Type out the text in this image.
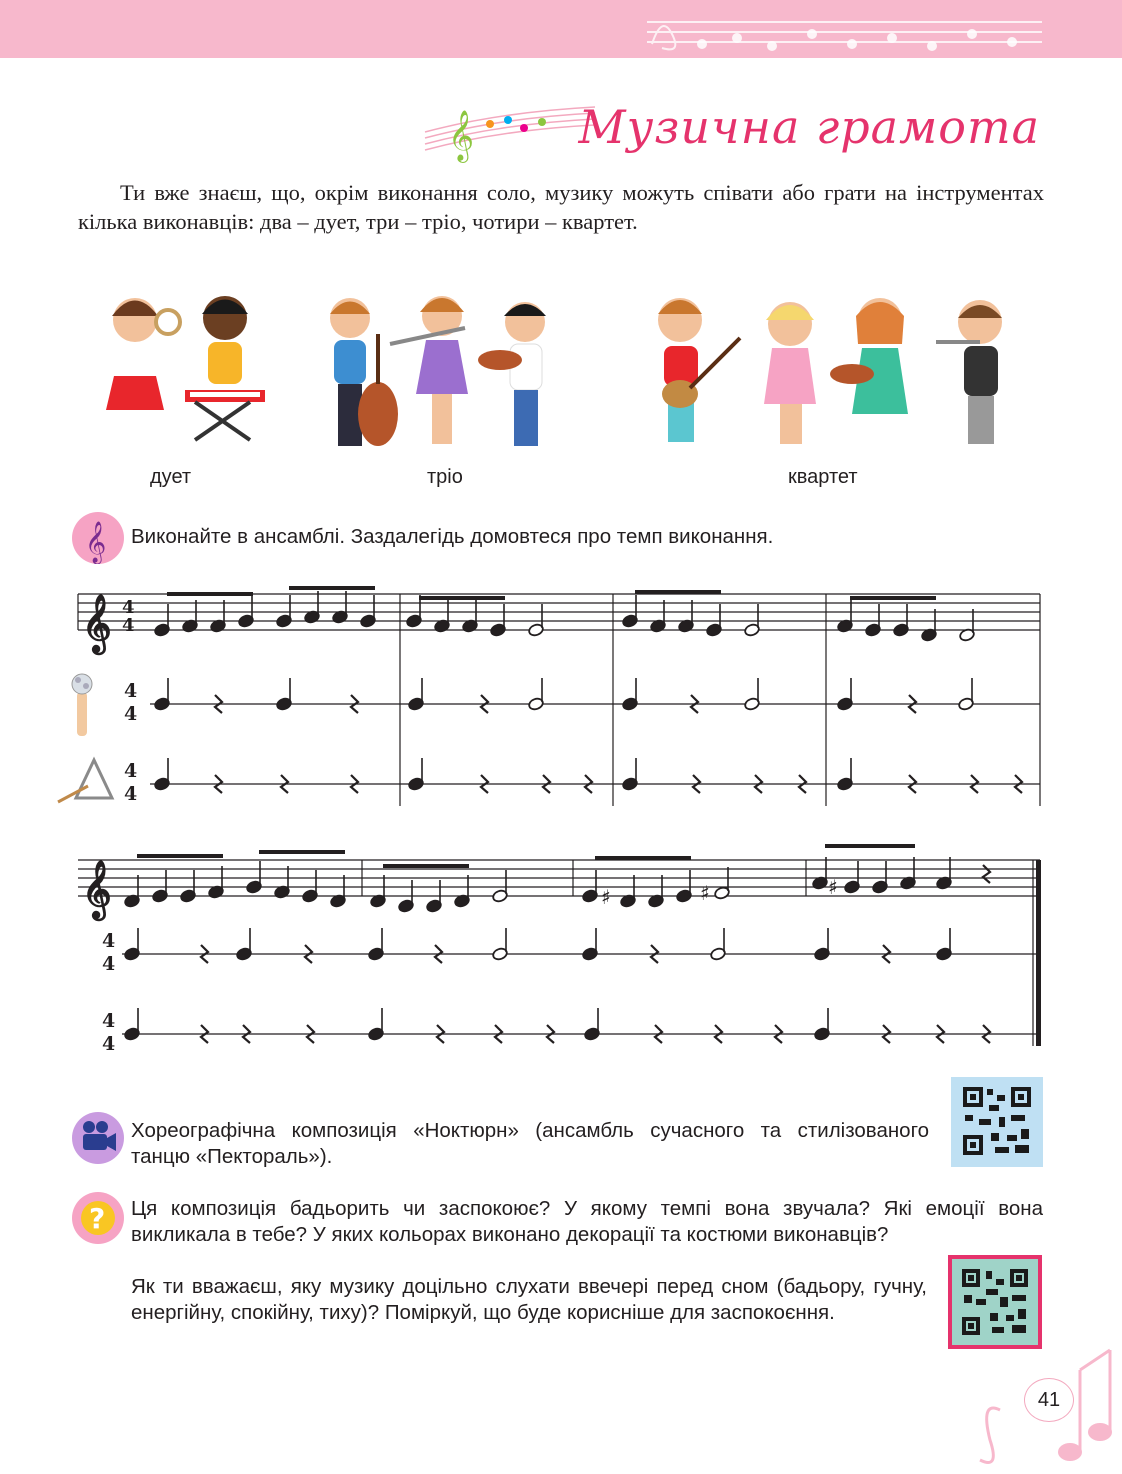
𝄞 Музична грамота

Ти вже знаєш, що, окрім виконання соло, музику можуть співати або грати на інструментах кілька виконавців: два – дует, три – тріо, чотири – квартет.

дует	тріо	квартет
𝄞 Виконайте в ансамблі. Заздалегідь домовтеся про темп виконання.
𝄞 4
4
4
4
4
4
𝄞
4
4
4
4
♯	♯	♯
Хореографічна композиція «Ноктюрн» (ансамбль сучасного та стилізованого танцю «Пектораль»).
? Ця композиція бадьорить чи заспокоює? У якому темпі вона звучала? Які емоції вона викликала в тебе? У яких кольорах виконано декорації та костюми виконавців?
Як ти вважаєш, яку музику доцільно слухати ввечері перед сном (бадьору, гучну, енергійну, спокійну, тиху)? Поміркуй, що буде корисніше для заспокоєння.
41
